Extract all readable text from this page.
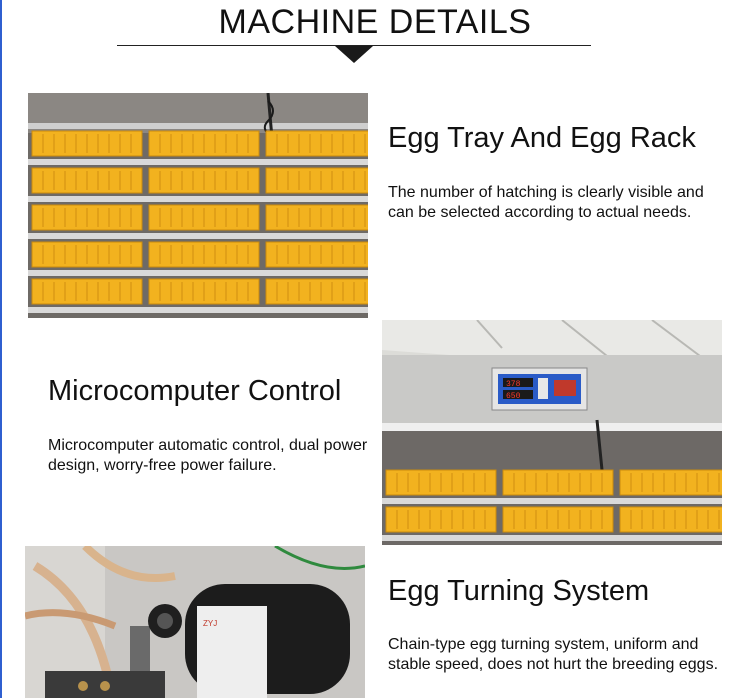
MACHINE DETAILS
378
650
ZYJ
Egg Tray And Egg Rack
The number of hatching is clearly visible and can be selected according to actual needs.
Microcomputer Control
Microcomputer automatic control, dual power design, worry-free power failure.
Egg Turning System
Chain-type egg turning system, uniform and stable speed, does not hurt the breeding eggs.
